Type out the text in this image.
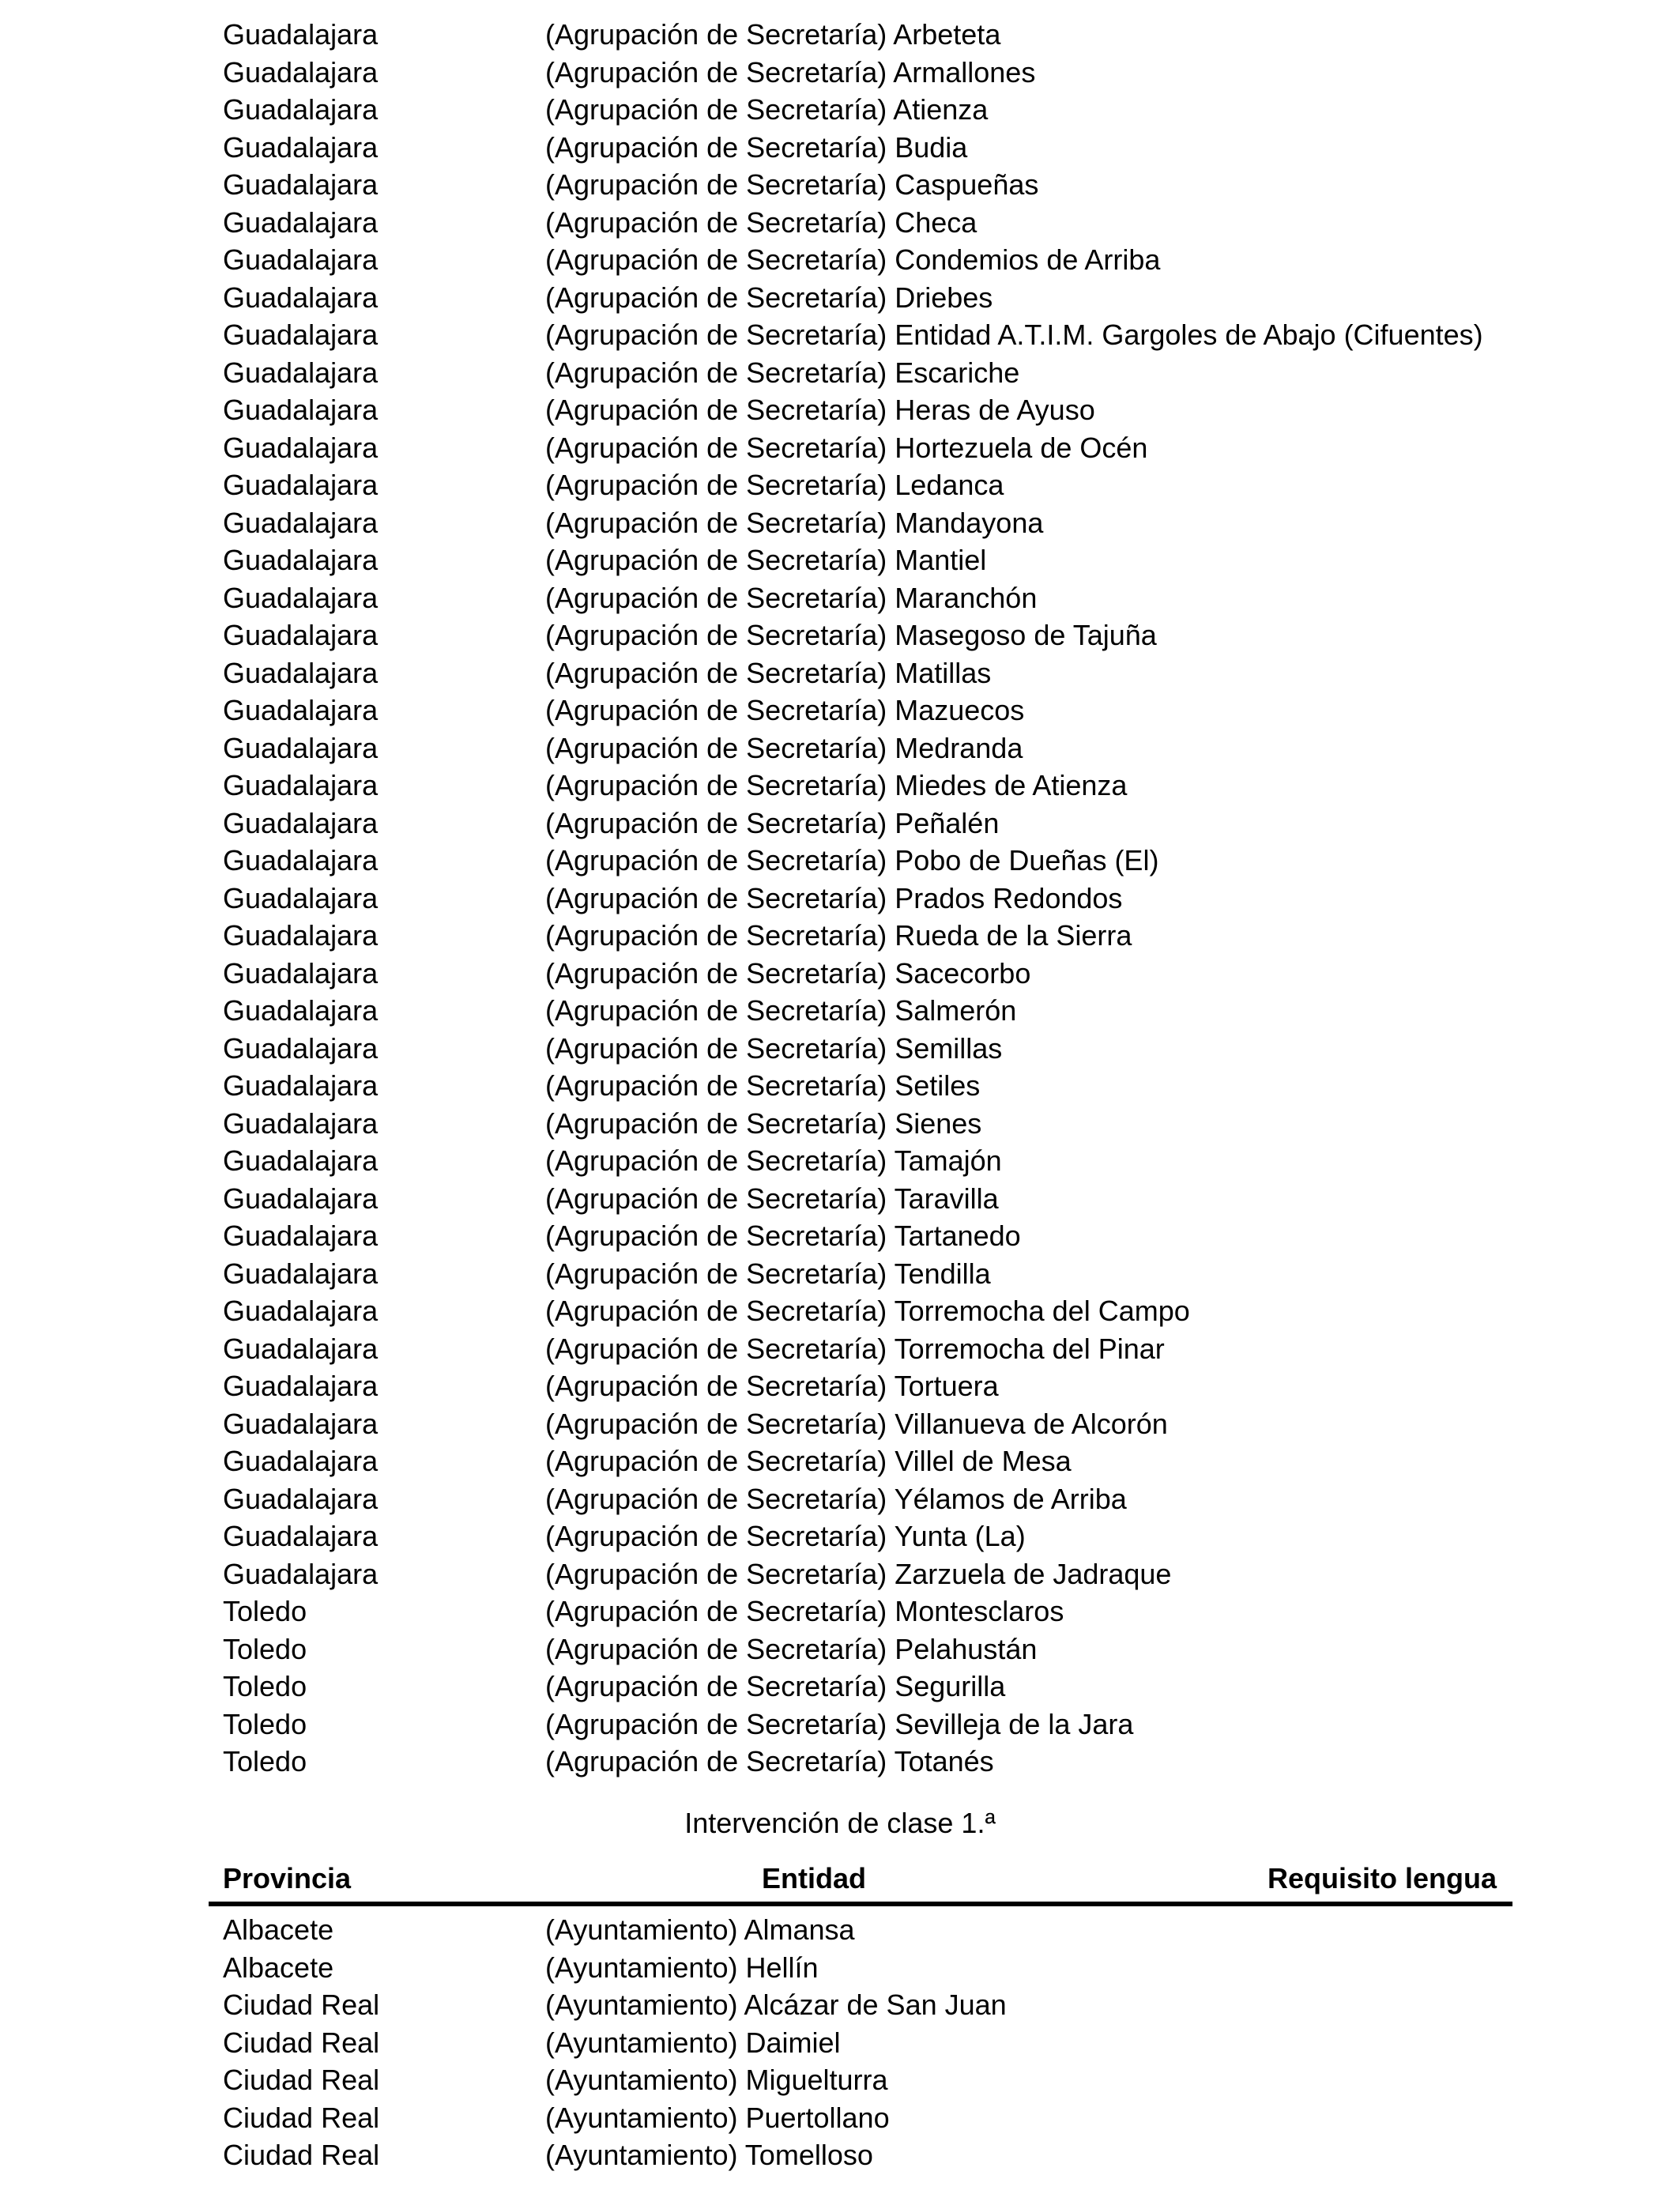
Guadalajara	(Agrupación de Secretaría) Arbeteta
Guadalajara	(Agrupación de Secretaría) Armallones
Guadalajara	(Agrupación de Secretaría) Atienza
Guadalajara	(Agrupación de Secretaría) Budia
Guadalajara	(Agrupación de Secretaría) Caspueñas
Guadalajara	(Agrupación de Secretaría) Checa
Guadalajara	(Agrupación de Secretaría) Condemios de Arriba
Guadalajara	(Agrupación de Secretaría) Driebes
Guadalajara	(Agrupación de Secretaría) Entidad A.T.I.M. Gargoles de Abajo (Cifuentes)
Guadalajara	(Agrupación de Secretaría) Escariche
Guadalajara	(Agrupación de Secretaría) Heras de Ayuso
Guadalajara	(Agrupación de Secretaría) Hortezuela de Océn
Guadalajara	(Agrupación de Secretaría) Ledanca
Guadalajara	(Agrupación de Secretaría) Mandayona
Guadalajara	(Agrupación de Secretaría) Mantiel
Guadalajara	(Agrupación de Secretaría) Maranchón
Guadalajara	(Agrupación de Secretaría) Masegoso de Tajuña
Guadalajara	(Agrupación de Secretaría) Matillas
Guadalajara	(Agrupación de Secretaría) Mazuecos
Guadalajara	(Agrupación de Secretaría) Medranda
Guadalajara	(Agrupación de Secretaría) Miedes de Atienza
Guadalajara	(Agrupación de Secretaría) Peñalén
Guadalajara	(Agrupación de Secretaría) Pobo de Dueñas (El)
Guadalajara	(Agrupación de Secretaría) Prados Redondos
Guadalajara	(Agrupación de Secretaría) Rueda de la Sierra
Guadalajara	(Agrupación de Secretaría) Sacecorbo
Guadalajara	(Agrupación de Secretaría) Salmerón
Guadalajara	(Agrupación de Secretaría) Semillas
Guadalajara	(Agrupación de Secretaría) Setiles
Guadalajara	(Agrupación de Secretaría) Sienes
Guadalajara	(Agrupación de Secretaría) Tamajón
Guadalajara	(Agrupación de Secretaría) Taravilla
Guadalajara	(Agrupación de Secretaría) Tartanedo
Guadalajara	(Agrupación de Secretaría) Tendilla
Guadalajara	(Agrupación de Secretaría) Torremocha del Campo
Guadalajara	(Agrupación de Secretaría) Torremocha del Pinar
Guadalajara	(Agrupación de Secretaría) Tortuera
Guadalajara	(Agrupación de Secretaría) Villanueva de Alcorón
Guadalajara	(Agrupación de Secretaría) Villel de Mesa
Guadalajara	(Agrupación de Secretaría) Yélamos de Arriba
Guadalajara	(Agrupación de Secretaría) Yunta (La)
Guadalajara	(Agrupación de Secretaría) Zarzuela de Jadraque
Toledo	(Agrupación de Secretaría) Montesclaros
Toledo	(Agrupación de Secretaría) Pelahustán
Toledo	(Agrupación de Secretaría) Segurilla
Toledo	(Agrupación de Secretaría) Sevilleja de la Jara
Toledo	(Agrupación de Secretaría) Totanés
Intervención de clase 1.ª
Provincia	Entidad	Requisito lengua
Albacete	(Ayuntamiento) Almansa
Albacete	(Ayuntamiento) Hellín
Ciudad Real	(Ayuntamiento) Alcázar de San Juan
Ciudad Real	(Ayuntamiento) Daimiel
Ciudad Real	(Ayuntamiento) Miguelturra
Ciudad Real	(Ayuntamiento) Puertollano
Ciudad Real	(Ayuntamiento) Tomelloso
